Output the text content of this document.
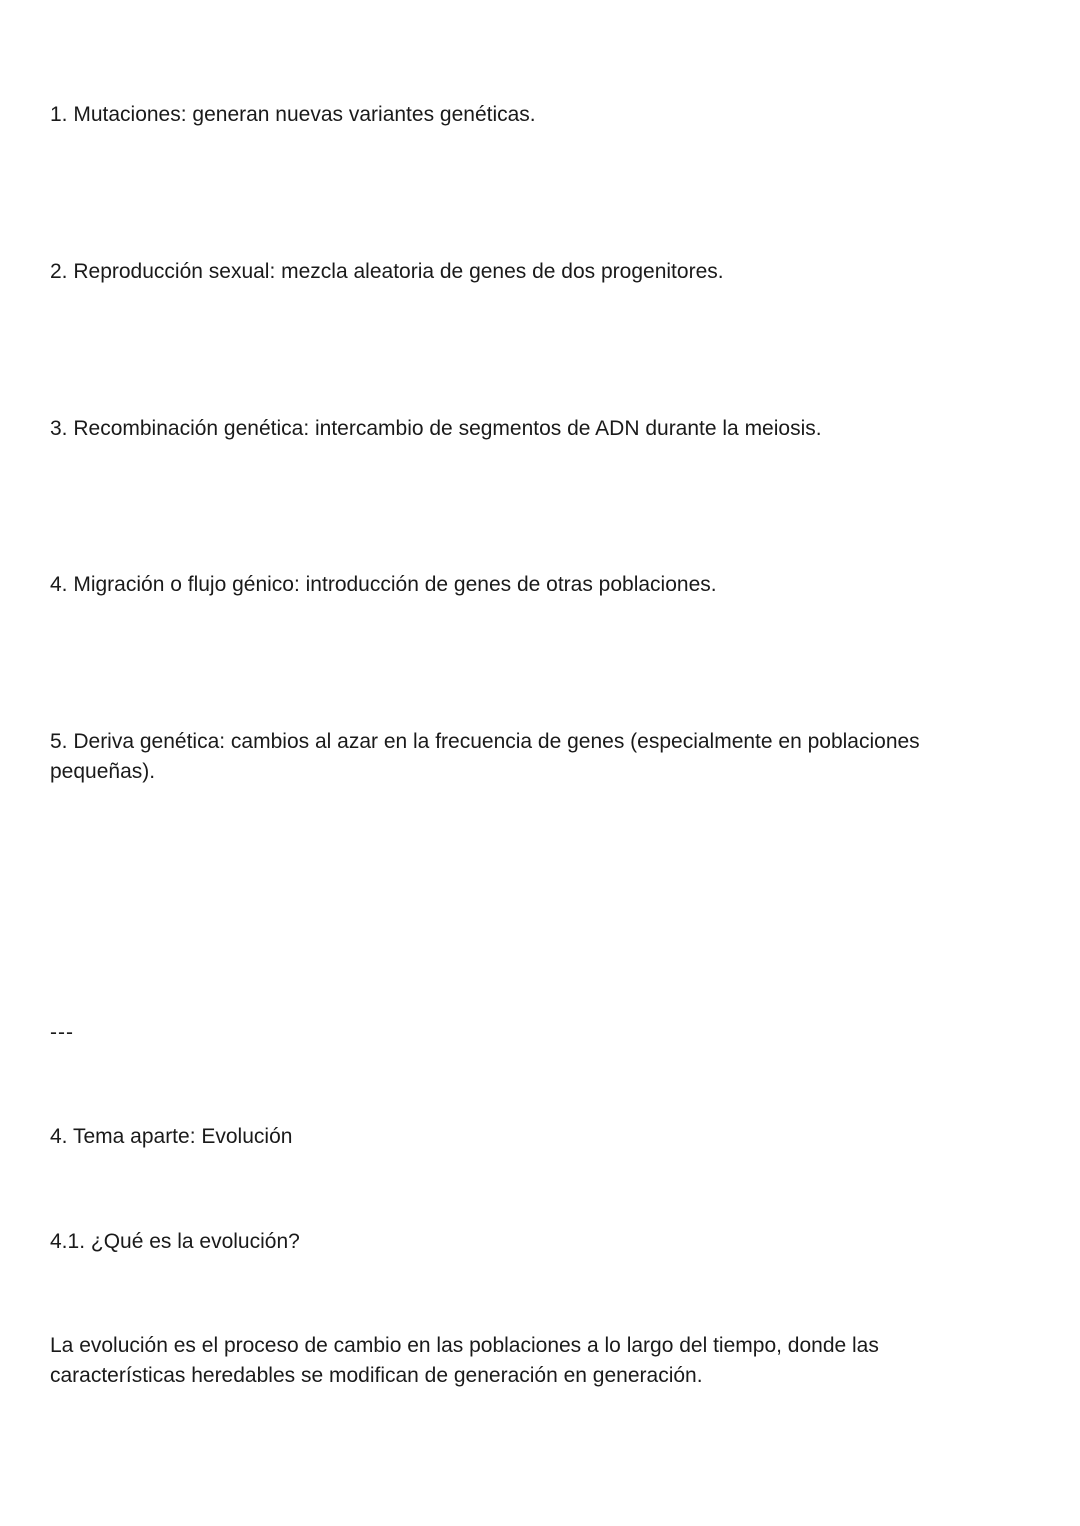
1. Mutaciones: generan nuevas variantes genéticas.

2. Reproducción sexual: mezcla aleatoria de genes de dos progenitores.

3. Recombinación genética: intercambio de segmentos de ADN durante la meiosis.

4. Migración o flujo génico: introducción de genes de otras poblaciones.

5. Deriva genética: cambios al azar en la frecuencia de genes (especialmente en poblaciones pequeñas).

---

4. Tema aparte: Evolución

4.1. ¿Qué es la evolución?

La evolución es el proceso de cambio en las poblaciones a lo largo del tiempo, donde las características heredables se modifican de generación en generación.
